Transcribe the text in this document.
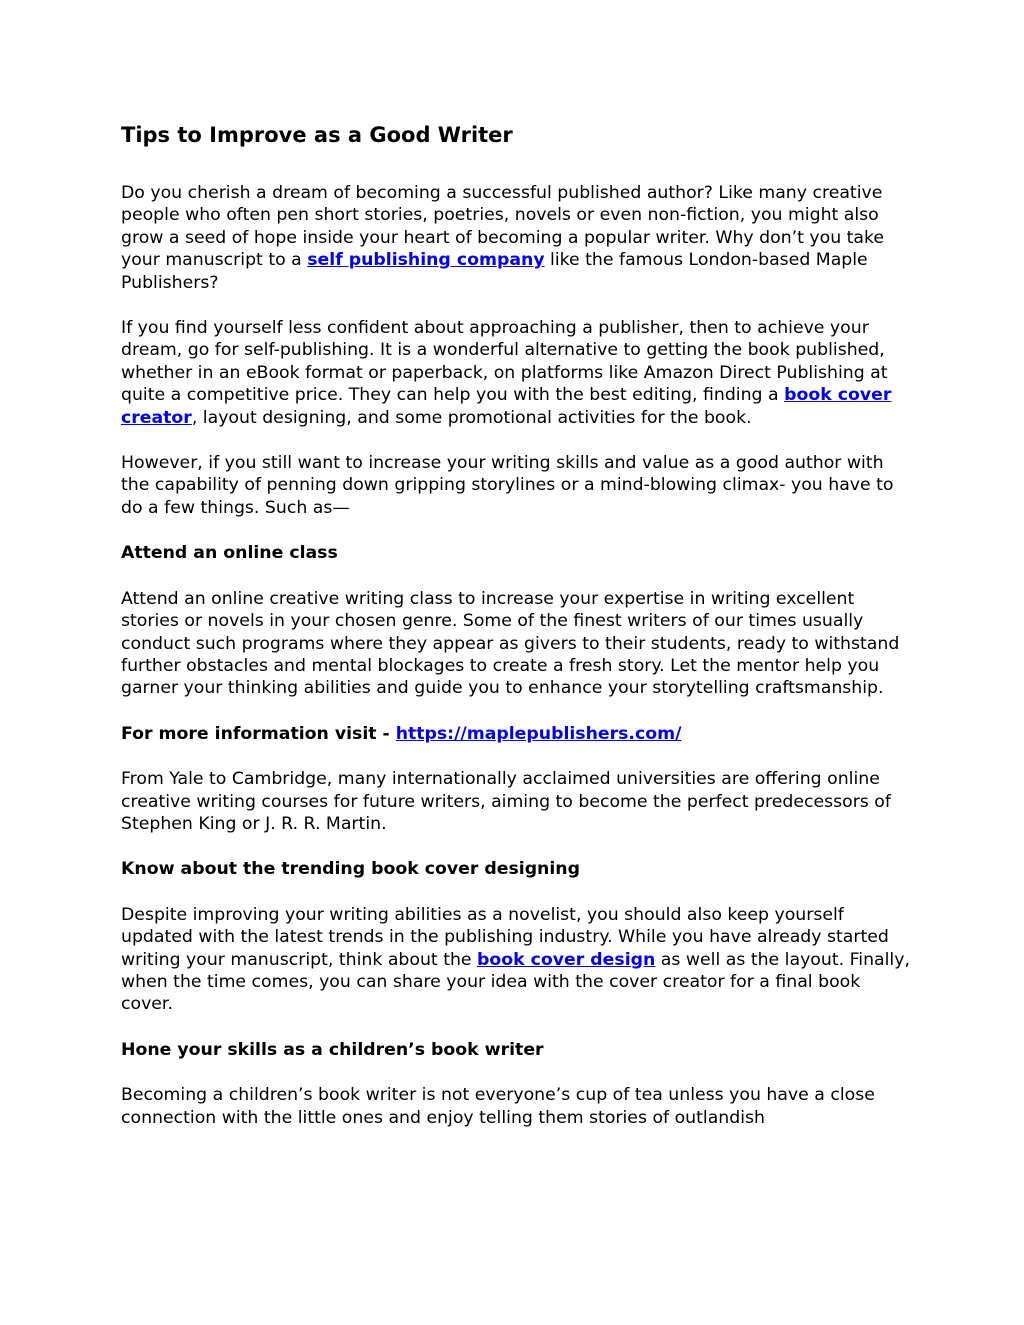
Tips to Improve as a Good Writer

Do you cherish a dream of becoming a successful published author? Like many creative people who often pen short stories, poetries, novels or even non-fiction, you might also grow a seed of hope inside your heart of becoming a popular writer. Why don’t you take your manuscript to a self publishing company like the famous London-based Maple Publishers?

If you find yourself less confident about approaching a publisher, then to achieve your dream, go for self-publishing. It is a wonderful alternative to getting the book published, whether in an eBook format or paperback, on platforms like Amazon Direct Publishing at quite a competitive price. They can help you with the best editing, finding a book cover creator, layout designing, and some promotional activities for the book.

However, if you still want to increase your writing skills and value as a good author with the capability of penning down gripping storylines or a mind-blowing climax- you have to do a few things. Such as—

Attend an online class

Attend an online creative writing class to increase your expertise in writing excellent stories or novels in your chosen genre. Some of the finest writers of our times usually conduct such programs where they appear as givers to their students, ready to withstand further obstacles and mental blockages to create a fresh story. Let the mentor help you garner your thinking abilities and guide you to enhance your storytelling craftsmanship.

For more information visit - https://maplepublishers.com/

From Yale to Cambridge, many internationally acclaimed universities are offering online creative writing courses for future writers, aiming to become the perfect predecessors of Stephen King or J. R. R. Martin.

Know about the trending book cover designing

Despite improving your writing abilities as a novelist, you should also keep yourself updated with the latest trends in the publishing industry. While you have already started writing your manuscript, think about the book cover design as well as the layout. Finally, when the time comes, you can share your idea with the cover creator for a final book cover.

Hone your skills as a children’s book writer

Becoming a children’s book writer is not everyone’s cup of tea unless you have a close connection with the little ones and enjoy telling them stories of outlandish
